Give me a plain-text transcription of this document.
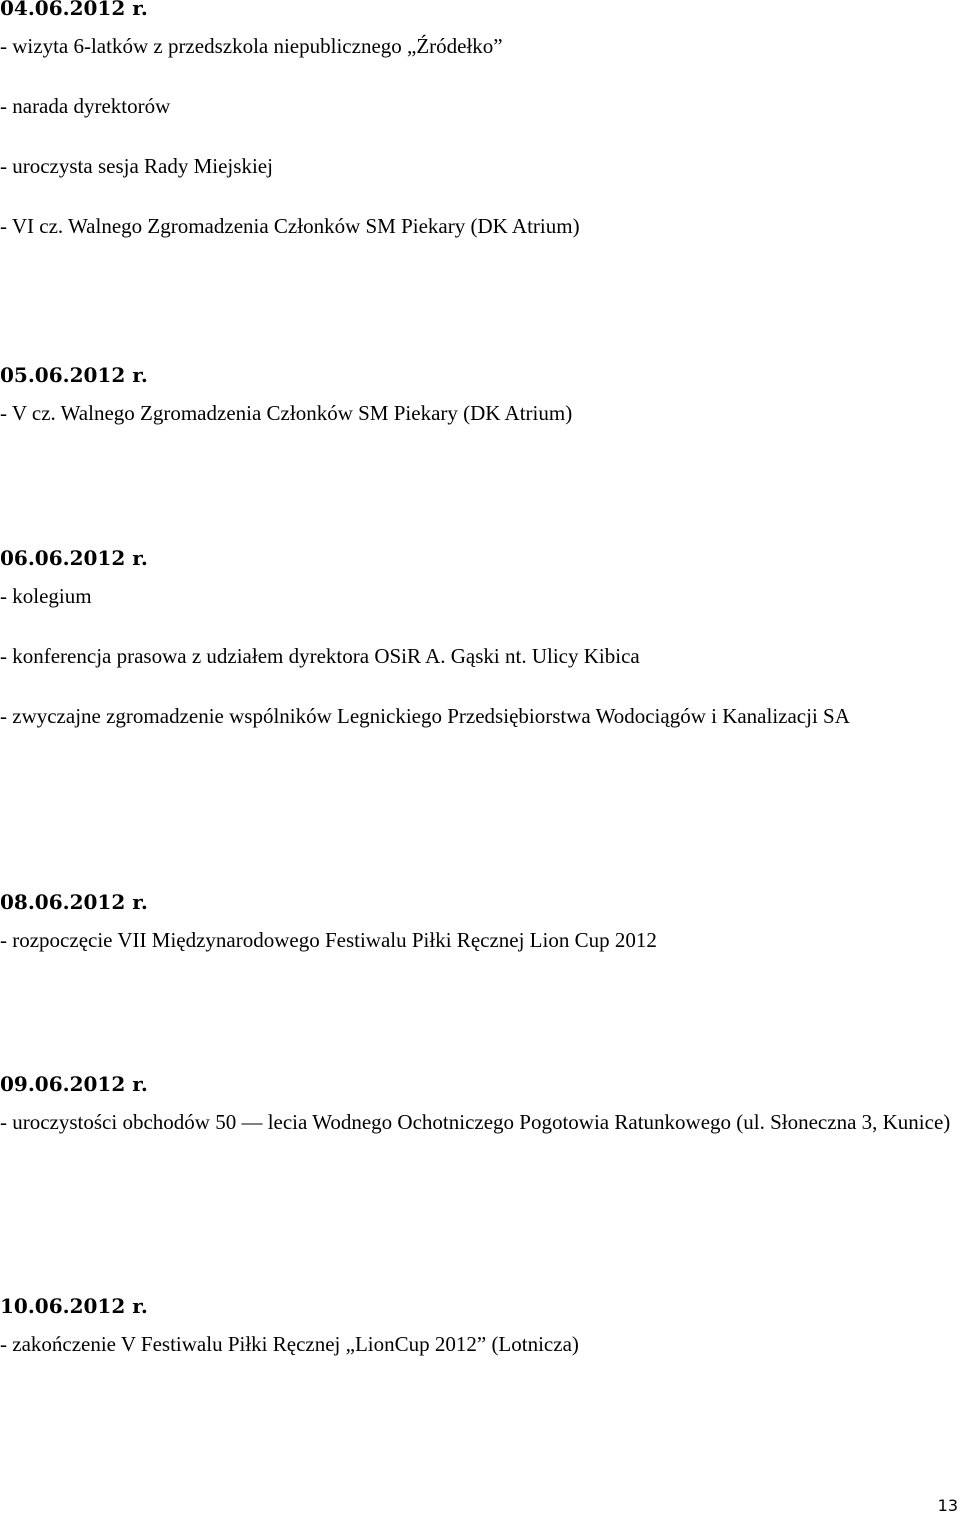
04.06.2012 r.
- wizyta 6-latków z przedszkola niepublicznego „Źródełko”
- narada dyrektorów
- uroczysta sesja Rady Miejskiej
- VI cz. Walnego Zgromadzenia Członków SM Piekary (DK Atrium)
05.06.2012 r.
- V cz. Walnego Zgromadzenia Członków SM Piekary (DK Atrium)
06.06.2012 r.
- kolegium
- konferencja prasowa z udziałem dyrektora OSiR A. Gąski nt. Ulicy Kibica
- zwyczajne zgromadzenie wspólników Legnickiego Przedsiębiorstwa Wodociągów i Kanalizacji SA
08.06.2012 r.
- rozpoczęcie VII Międzynarodowego Festiwalu Piłki Ręcznej Lion Cup 2012
09.06.2012 r.
- uroczystości obchodów 50 — lecia Wodnego Ochotniczego Pogotowia Ratunkowego (ul. Słoneczna 3, Kunice)
10.06.2012 r.
- zakończenie V Festiwalu Piłki Ręcznej „LionCup 2012” (Lotnicza)
13
